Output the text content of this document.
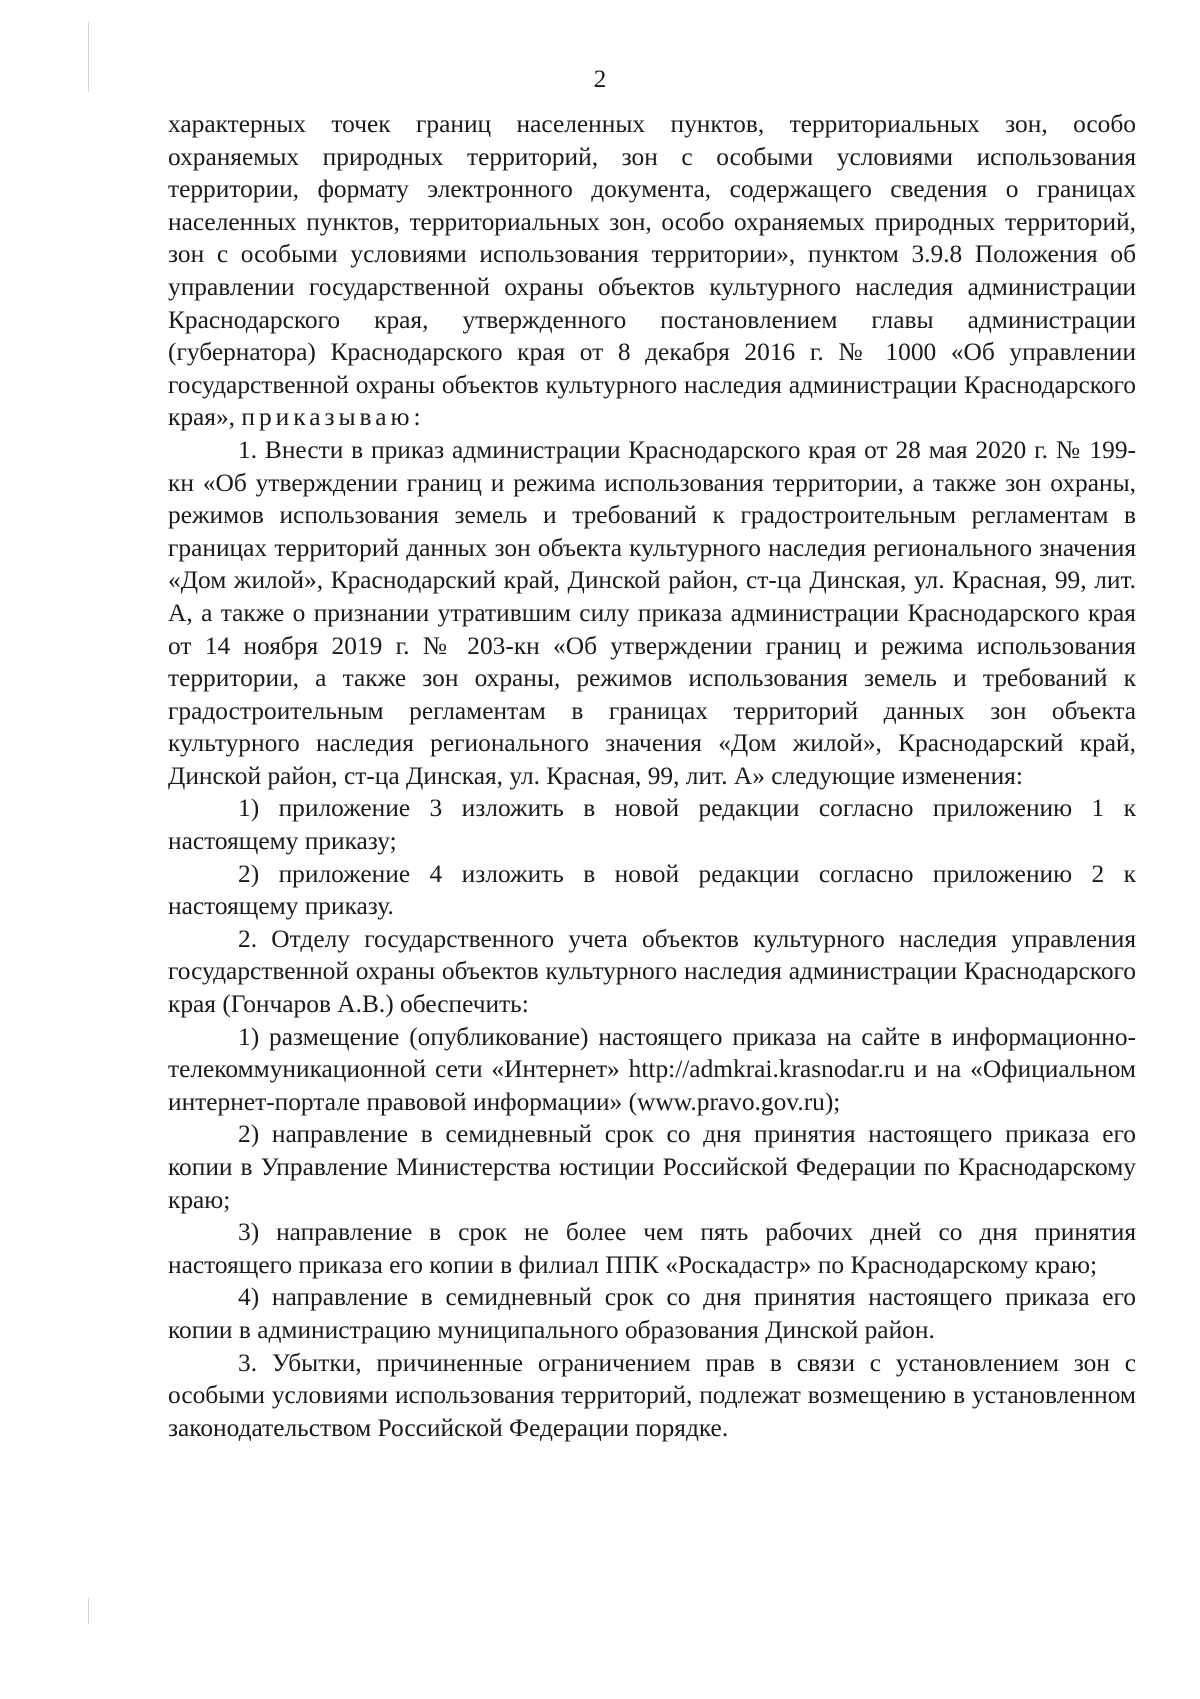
2

характерных точек границ населенных пунктов, территориальных зон, особо охраняемых природных территорий, зон с особыми условиями использования территории, формату электронного документа, содержащего сведения о границах населенных пунктов, территориальных зон, особо охраняемых природных территорий, зон с особыми условиями использования территории», пунктом 3.9.8 Положения об управлении государственной охраны объектов культурного наследия администрации Краснодарского края, утвержденного постановлением главы администрации (губернатора) Краснодарского края от 8 декабря 2016 г. № 1000 «Об управлении государственной охраны объектов культурного наследия администрации Краснодарского края», приказываю:

1. Внести в приказ администрации Краснодарского края от 28 мая 2020 г. № 199-кн «Об утверждении границ и режима использования территории, а также зон охраны, режимов использования земель и требований к градостроительным регламентам в границах территорий данных зон объекта культурного наследия регионального значения «Дом жилой», Краснодарский край, Динской район, ст-ца Динская, ул. Красная, 99, лит. А, а также о признании утратившим силу приказа администрации Краснодарского края от 14 ноября 2019 г. № 203-кн «Об утверждении границ и режима использования территории, а также зон охраны, режимов использования земель и требований к градостроительным регламентам в границах территорий данных зон объекта культурного наследия регионального значения «Дом жилой», Краснодарский край, Динской район, ст-ца Динская, ул. Красная, 99, лит. А» следующие изменения:

1) приложение 3 изложить в новой редакции согласно приложению 1 к настоящему приказу;

2) приложение 4 изложить в новой редакции согласно приложению 2 к настоящему приказу.

2. Отделу государственного учета объектов культурного наследия управления государственной охраны объектов культурного наследия администрации Краснодарского края (Гончаров А.В.) обеспечить:

1) размещение (опубликование) настоящего приказа на сайте в информационно-телекоммуникационной сети «Интернет» http://admkrai.krasnodar.ru и на «Официальном интернет-портале правовой информации» (www.pravo.gov.ru);

2) направление в семидневный срок со дня принятия настоящего приказа его копии в Управление Министерства юстиции Российской Федерации по Краснодарскому краю;

3) направление в срок не более чем пять рабочих дней со дня принятия настоящего приказа его копии в филиал ППК «Роскадастр» по Краснодарскому краю;

4) направление в семидневный срок со дня принятия настоящего приказа его копии в администрацию муниципального образования Динской район.

3. Убытки, причиненные ограничением прав в связи с установлением зон с особыми условиями использования территорий, подлежат возмещению в установленном законодательством Российской Федерации порядке.
